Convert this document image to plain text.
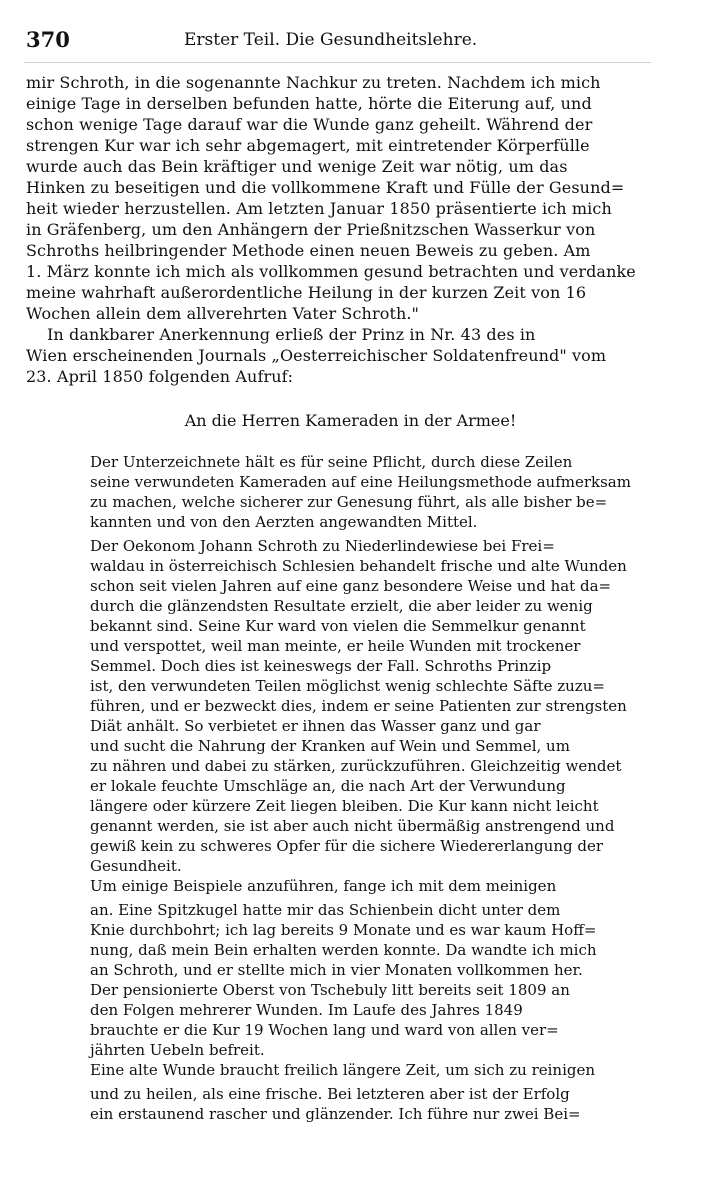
370	Erster Teil. Die Gesundheitslehre.
mir Schroth, in die sogenannte Nachkur zu treten. Nachdem ich mich
einige Tage in derselben befunden hatte, hörte die Eiterung auf, und
schon wenige Tage darauf war die Wunde ganz geheilt. Während der
strengen Kur war ich sehr abgemagert, mit eintretender Körperfülle
wurde auch das Bein kräftiger und wenige Zeit war nötig, um das
Hinken zu beseitigen und die vollkommene Kraft und Fülle der Gesund=
heit wieder herzustellen. Am letzten Januar 1850 präsentierte ich mich
in Gräfenberg, um den Anhängern der Prießnitzschen Wasserkur von
Schroths heilbringender Methode einen neuen Beweis zu geben. Am
1. März konnte ich mich als vollkommen gesund betrachten und verdanke
meine wahrhaft außerordentliche Heilung in der kurzen Zeit von 16
Wochen allein dem allverehrten Vater Schroth."
In dankbarer Anerkennung erließ der Prinz in Nr. 43 des in
Wien erscheinenden Journals „Oesterreichischer Soldatenfreund" vom
23. April 1850 folgenden Aufruf:
An die Herren Kameraden in der Armee!
Der Unterzeichnete hält es für seine Pflicht, durch diese Zeilen
seine verwundeten Kameraden auf eine Heilungsmethode aufmerksam
zu machen, welche sicherer zur Genesung führt, als alle bisher be=
kannten und von den Aerzten angewandten Mittel.
Der Oekonom Johann Schroth zu Niederlindewiese bei Frei=
waldau in österreichisch Schlesien behandelt frische und alte Wunden
schon seit vielen Jahren auf eine ganz besondere Weise und hat da=
durch die glänzendsten Resultate erzielt, die aber leider zu wenig
bekannt sind. Seine Kur ward von vielen die Semmelkur genannt
und verspottet, weil man meinte, er heile Wunden mit trockener
Semmel. Doch dies ist keineswegs der Fall. Schroths Prinzip
ist, den verwundeten Teilen möglichst wenig schlechte Säfte zuzu=
führen, und er bezweckt dies, indem er seine Patienten zur strengsten
Diät anhält. So verbietet er ihnen das Wasser ganz und gar
und sucht die Nahrung der Kranken auf Wein und Semmel, um
zu nähren und dabei zu stärken, zurückzuführen. Gleichzeitig wendet
er lokale feuchte Umschläge an, die nach Art der Verwundung
längere oder kürzere Zeit liegen bleiben. Die Kur kann nicht leicht
genannt werden, sie ist aber auch nicht übermäßig anstrengend und
gewiß kein zu schweres Opfer für die sichere Wiedererlangung der
Gesundheit.
Um einige Beispiele anzuführen, fange ich mit dem meinigen
an. Eine Spitzkugel hatte mir das Schienbein dicht unter dem
Knie durchbohrt; ich lag bereits 9 Monate und es war kaum Hoff=
nung, daß mein Bein erhalten werden konnte. Da wandte ich mich
an Schroth, und er stellte mich in vier Monaten vollkommen her.
Der pensionierte Oberst von Tschebuly litt bereits seit 1809 an
den Folgen mehrerer Wunden. Im Laufe des Jahres 1849
brauchte er die Kur 19 Wochen lang und ward von allen ver=
jährten Uebeln befreit.
Eine alte Wunde braucht freilich längere Zeit, um sich zu reinigen
und zu heilen, als eine frische. Bei letzteren aber ist der Erfolg
ein erstaunend rascher und glänzender. Ich führe nur zwei Bei=
